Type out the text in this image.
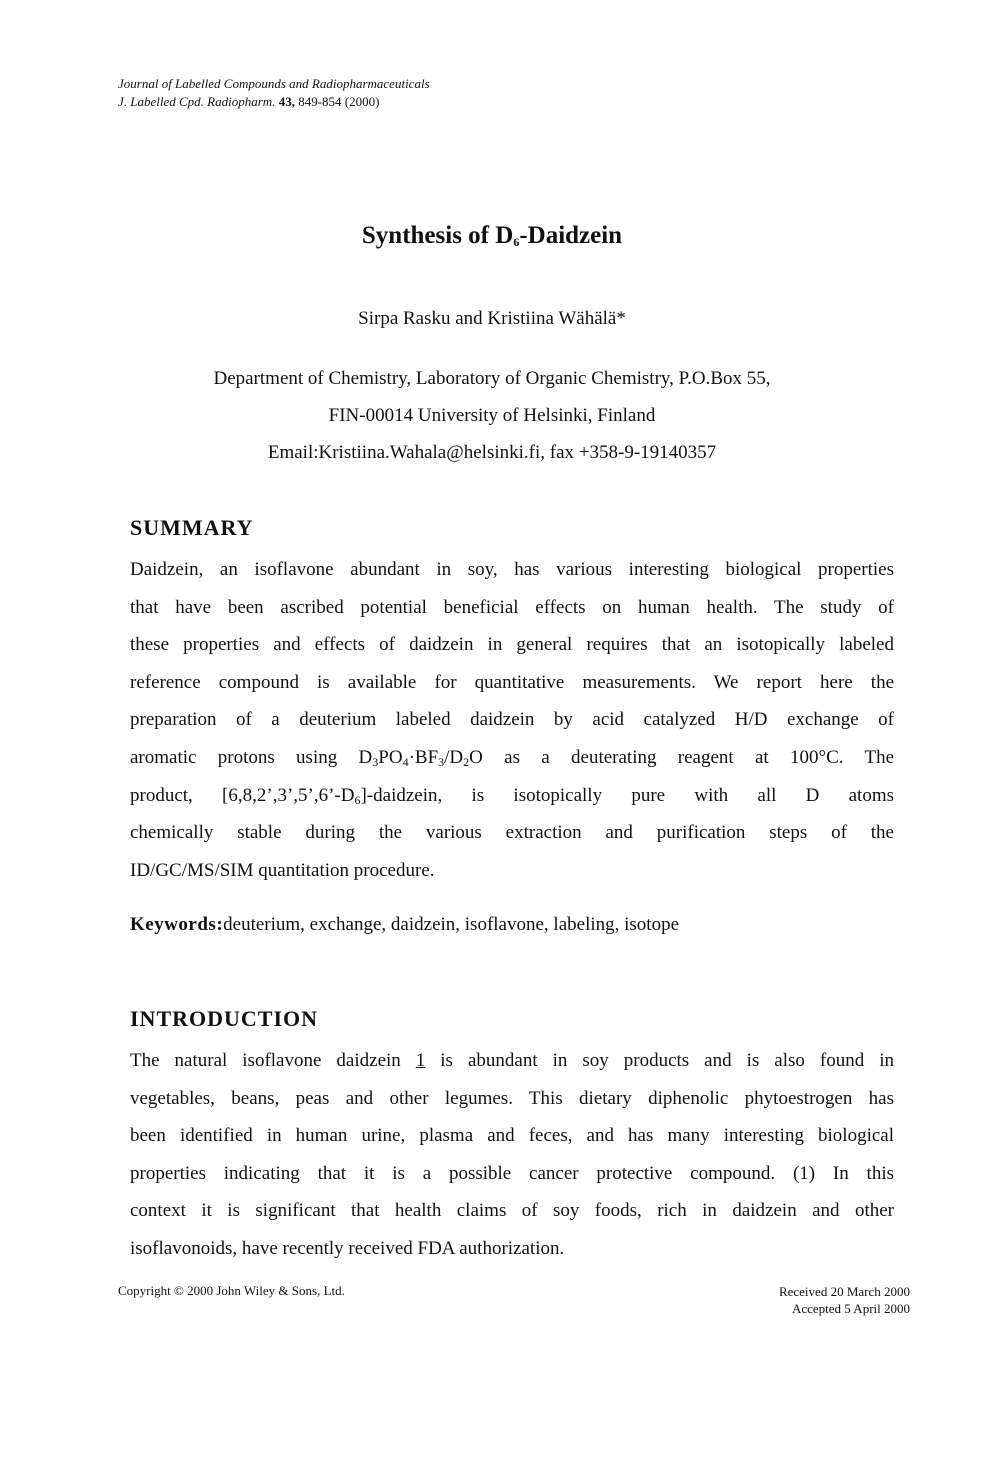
Journal of Labelled Compounds and Radiopharmaceuticals
J. Labelled Cpd. Radiopharm. 43, 849-854 (2000)
Synthesis of $D_6$-Daidzein
Sirpa Rasku and Kristiina Wähälä*
Department of Chemistry, Laboratory of Organic Chemistry, P.O.Box 55,
FIN-00014 University of Helsinki, Finland
Email:Kristiina.Wahala@helsinki.fi, fax +358-9-19140357
SUMMARY
Daidzein, an isoflavone abundant in soy, has various interesting biological properties
that have been ascribed potential beneficial effects on human health. The study of
these properties and effects of daidzein in general requires that an isotopically labeled
reference compound is available for quantitative measurements. We report here the
preparation of a deuterium labeled daidzein by acid catalyzed H/D exchange of
aromatic protons using $D_3PO_4\cdot BF_3/D_2O$ as a deuterating reagent at 100°C. The
product, $[6,8,2’,3’,5’,6’-D_6]$-daidzein, is isotopically pure with all D atoms
chemically stable during the various extraction and purification steps of the
ID/GC/MS/SIM quantitation procedure.
Keywords:deuterium, exchange, daidzein, isoflavone, labeling, isotope
INTRODUCTION
The natural isoflavone daidzein 1 is abundant in soy products and is also found in
vegetables, beans, peas and other legumes. This dietary diphenolic phytoestrogen has
been identified in human urine, plasma and feces, and has many interesting biological
properties indicating that it is a possible cancer protective compound. (1) In this
context it is significant that health claims of soy foods, rich in daidzein and other
isoflavonoids, have recently received FDA authorization.
Copyright © 2000 John Wiley & Sons, Ltd.	Received 20 March 2000
Accepted 5 April 2000
